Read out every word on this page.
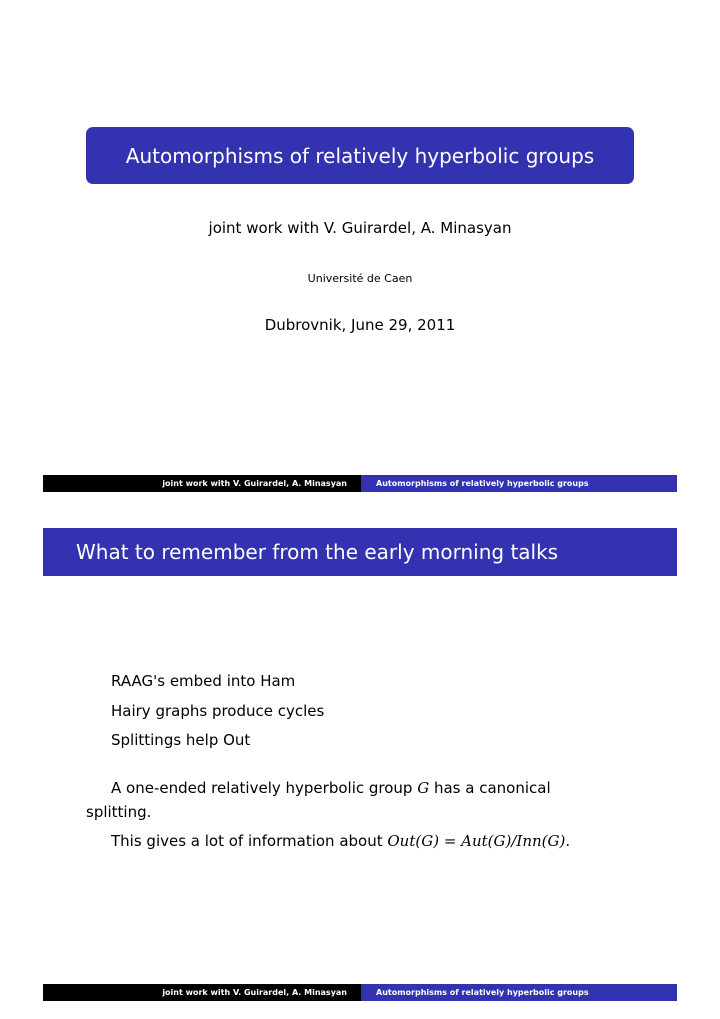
Automorphisms of relatively hyperbolic groups
joint work with V. Guirardel, A. Minasyan
Université de Caen
Dubrovnik, June 29, 2011
joint work with V. Guirardel, A. Minasyan	Automorphisms of relatively hyperbolic groups
What to remember from the early morning talks
RAAG's embed into Ham
Hairy graphs produce cycles
Splittings help Out
A one-ended relatively hyperbolic group G has a canonical
splitting.
This gives a lot of information about Out(G) = Aut(G)/Inn(G).
joint work with V. Guirardel, A. Minasyan	Automorphisms of relatively hyperbolic groups
